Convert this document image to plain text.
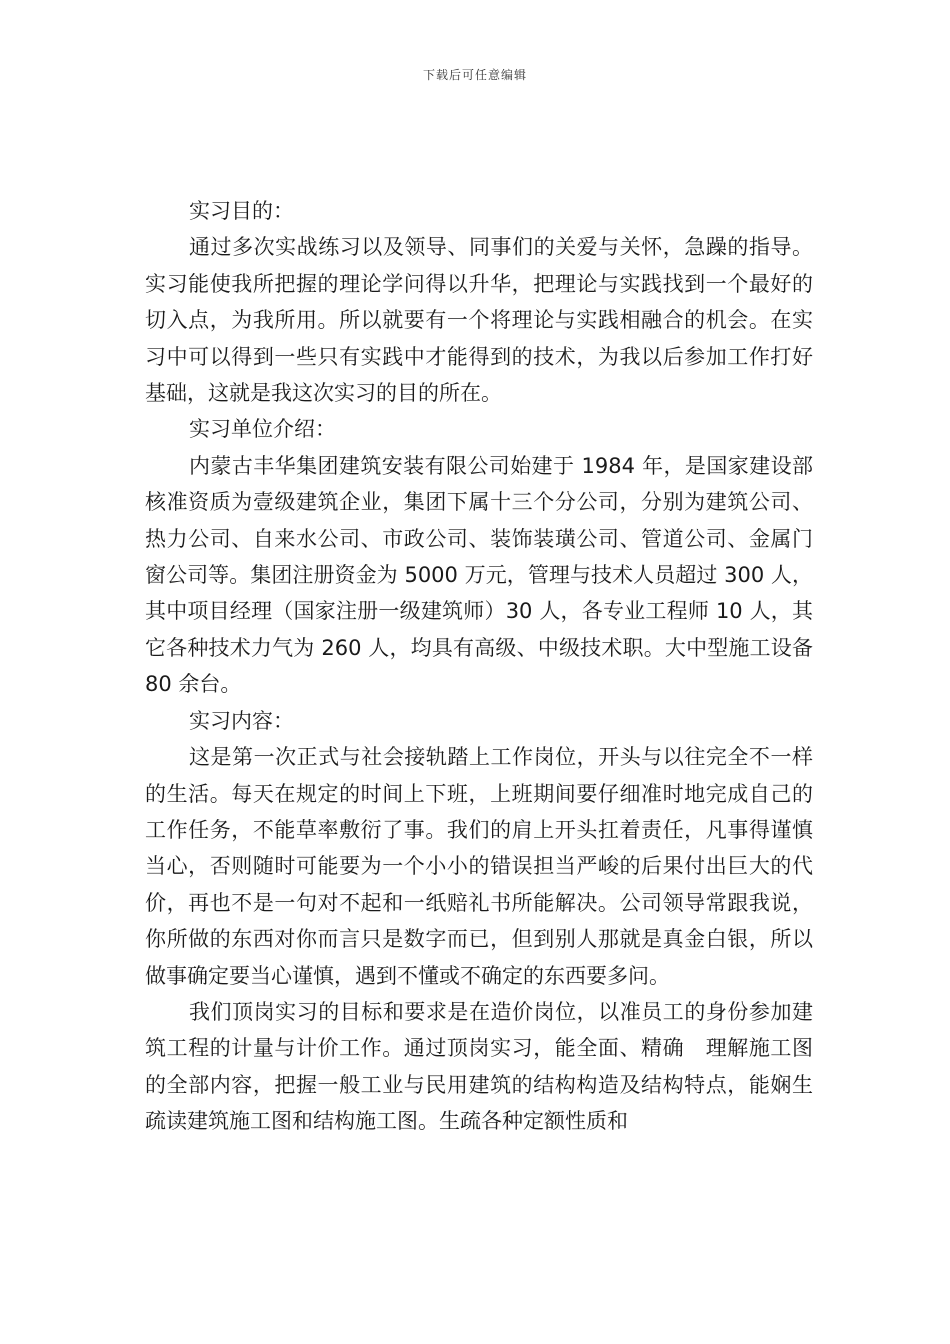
下载后可任意编辑

实习目的：

通过多次实战练习以及领导、同事们的关爱与关怀，急躁的指导。实习能使我所把握的理论学问得以升华，把理论与实践找到一个最好的切入点，为我所用。所以就要有一个将理论与实践相融合的机会。在实习中可以得到一些只有实践中才能得到的技术，为我以后参加工作打好基础，这就是我这次实习的目的所在。

实习单位介绍：

内蒙古丰华集团建筑安装有限公司始建于 1984 年，是国家建设部核准资质为壹级建筑企业，集团下属十三个分公司，分别为建筑公司、热力公司、自来水公司、市政公司、装饰装璜公司、管道公司、金属门窗公司等。集团注册资金为 5000 万元，管理与技术人员超过 300 人，其中项目经理（国家注册一级建筑师）30 人，各专业工程师 10 人，其它各种技术力气为 260 人，均具有高级、中级技术职。大中型施工设备 80 余台。

实习内容：

这是第一次正式与社会接轨踏上工作岗位，开头与以往完全不一样的生活。每天在规定的时间上下班，上班期间要仔细准时地完成自己的工作任务，不能草率敷衍了事。我们的肩上开头扛着责任，凡事得谨慎当心，否则随时可能要为一个小小的错误担当严峻的后果付出巨大的代价，再也不是一句对不起和一纸赔礼书所能解决。公司领导常跟我说，你所做的东西对你而言只是数字而已，但到别人那就是真金白银，所以做事确定要当心谨慎，遇到不懂或不确定的东西要多问。

我们顶岗实习的目标和要求是在造价岗位，以准员工的身份参加建筑工程的计量与计价工作。通过顶岗实习，能全面、精确　理解施工图的全部内容，把握一般工业与民用建筑的结构构造及结构特点，能娴生疏读建筑施工图和结构施工图。生疏各种定额性质和
